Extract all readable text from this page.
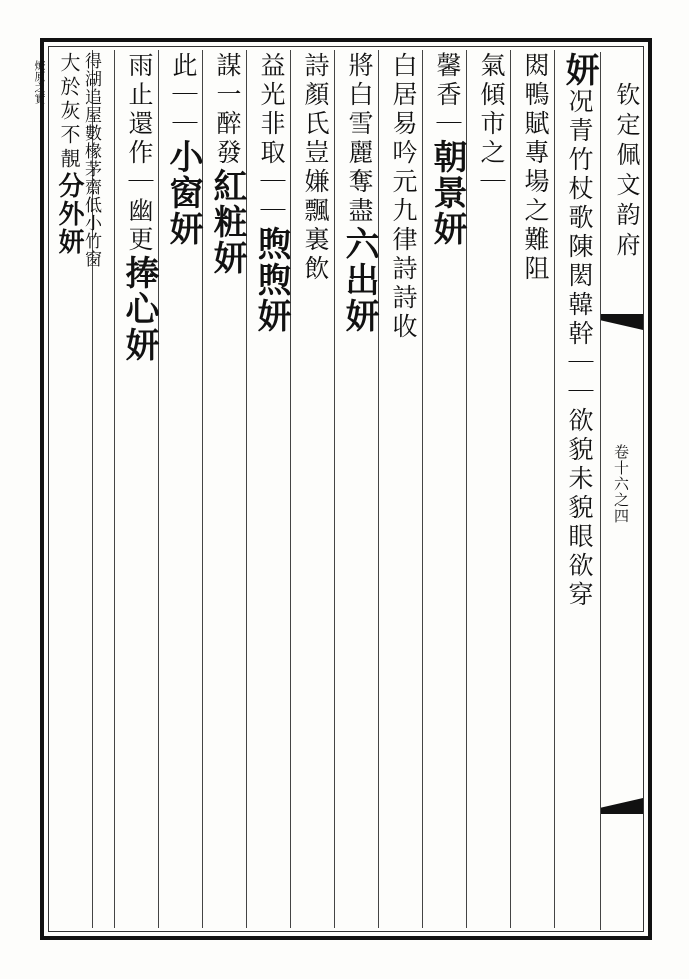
钦定佩文韵府
卷十六之四
妍况青竹杖歌陳閎韓幹｜｜欲貌未貌眼欲穿
閦鴨賦專場之難阻
氣傾市之｜
馨香｜朝景妍
白居易吟元九律詩詩收
將白雪麗奪盡六出妍
詩顏氏豈嫌飄裏飲
益光非取｜｜煦煦妍
謀一醉發紅粧妍
此｜｜小窗妍
雨止還作｜幽更捧心妍
得湖追屋數椽茅齋低小竹窗
大於灰不靚分外妍
燎原之實
